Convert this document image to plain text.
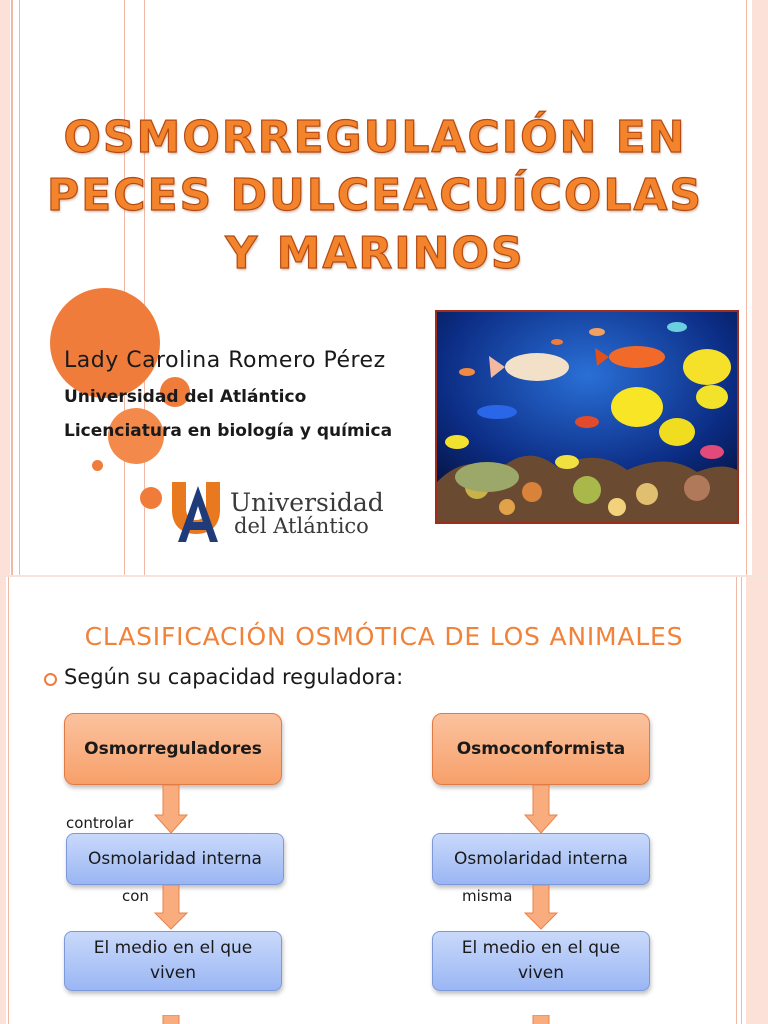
OSMORREGULACIÓN EN
PECES DULCEACUÍCOLAS
Y MARINOS
Lady Carolina Romero Pérez
Universidad del Atlántico
Licenciatura en biología y química
Universidad
del Atlántico
CLASIFICACIÓN OSMÓTICA DE LOS ANIMALES
Según su capacidad reguladora:
Osmorreguladores
controlar
Osmolaridad interna
con
El medio en el que viven
Osmoconformista
Osmolaridad interna
misma
El medio en el que viven
